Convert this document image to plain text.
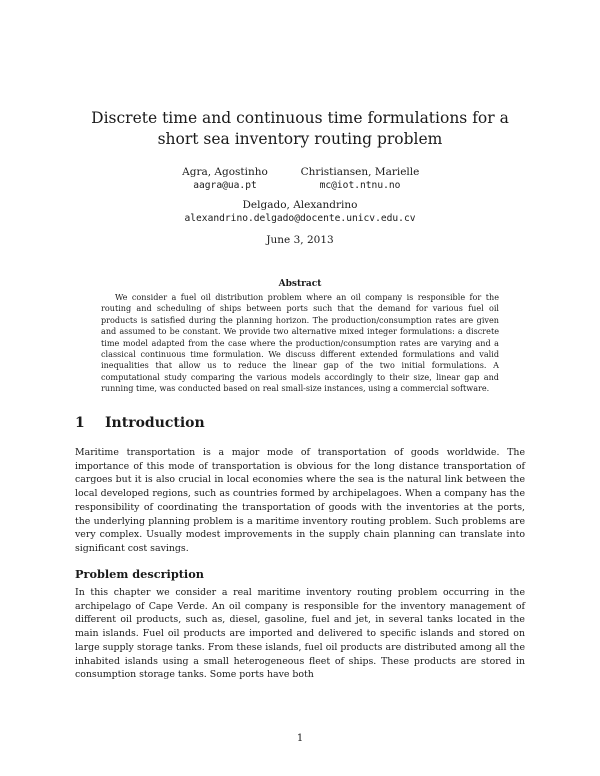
Discrete time and continuous time formulations for a short sea inventory routing problem
Agra, Agostinho
aagra@ua.pt
Christiansen, Marielle
mc@iot.ntnu.no
Delgado, Alexandrino
alexandrino.delgado@docente.unicv.edu.cv
June 3, 2013
Abstract

We consider a fuel oil distribution problem where an oil company is responsible for the routing and scheduling of ships between ports such that the demand for various fuel oil products is satisfied during the planning horizon. The production/consumption rates are given and assumed to be constant. We provide two alternative mixed integer formulations: a discrete time model adapted from the case where the production/consumption rates are varying and a classical continuous time formulation. We discuss different extended formulations and valid inequalities that allow us to reduce the linear gap of the two initial formulations. A computational study comparing the various models accordingly to their size, linear gap and running time, was conducted based on real small-size instances, using a commercial software.

1 Introduction

Maritime transportation is a major mode of transportation of goods worldwide. The importance of this mode of transportation is obvious for the long distance transportation of cargoes but it is also crucial in local economies where the sea is the natural link between the local developed regions, such as countries formed by archipelagoes. When a company has the responsibility of coordinating the transportation of goods with the inventories at the ports, the underlying planning problem is a maritime inventory routing problem. Such problems are very complex. Usually modest improvements in the supply chain planning can translate into significant cost savings.

Problem description

In this chapter we consider a real maritime inventory routing problem occurring in the archipelago of Cape Verde. An oil company is responsible for the inventory management of different oil products, such as, diesel, gasoline, fuel and jet, in several tanks located in the main islands. Fuel oil products are imported and delivered to specific islands and stored on large supply storage tanks. From these islands, fuel oil products are distributed among all the inhabited islands using a small heterogeneous fleet of ships. These products are stored in consumption storage tanks. Some ports have both

1
